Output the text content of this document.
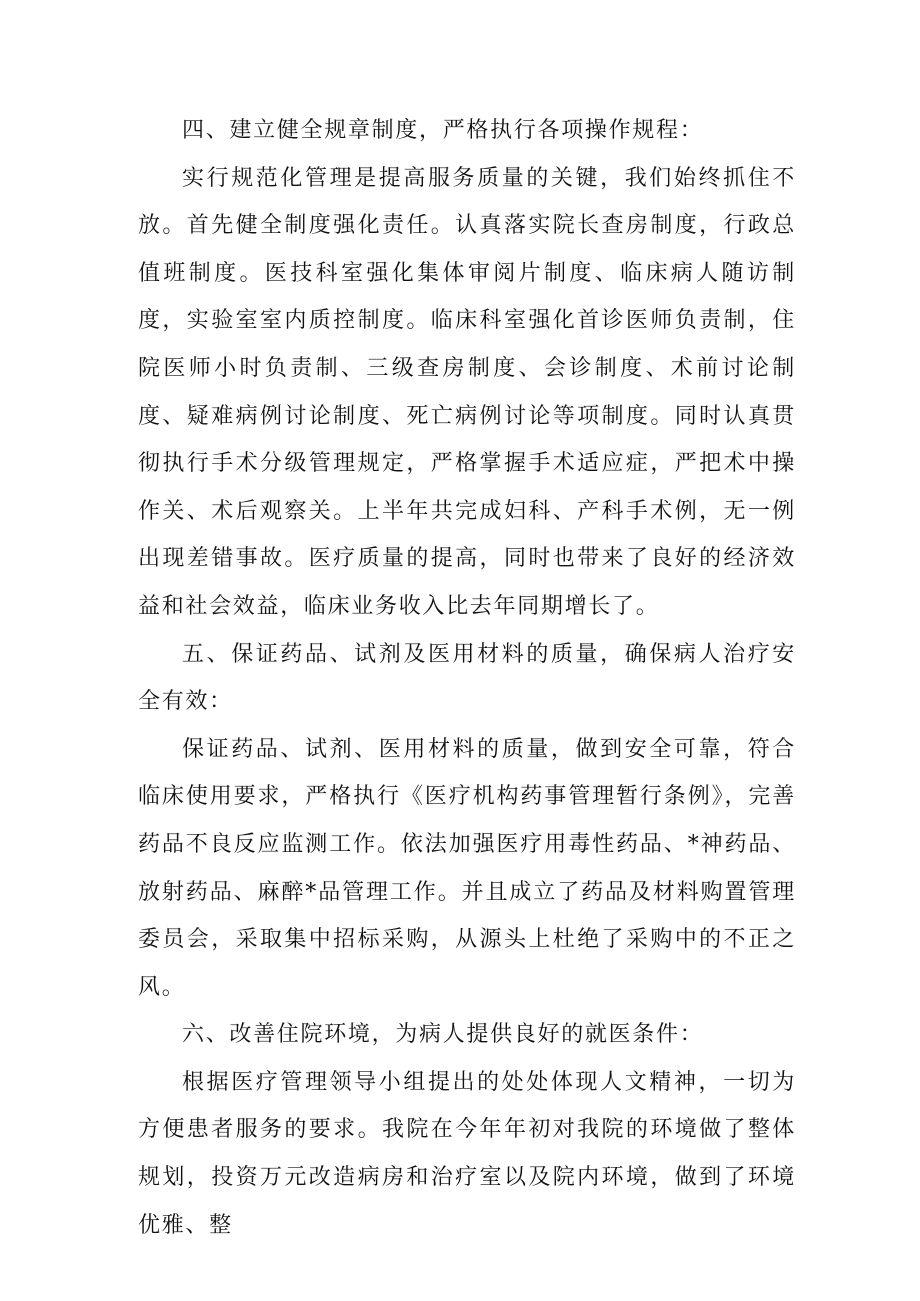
四、建立健全规章制度，严格执行各项操作规程：

实行规范化管理是提高服务质量的关键，我们始终抓住不放。首先健全制度强化责任。认真落实院长查房制度，行政总值班制度。医技科室强化集体审阅片制度、临床病人随访制度，实验室室内质控制度。临床科室强化首诊医师负责制，住院医师小时负责制、三级查房制度、会诊制度、术前讨论制度、疑难病例讨论制度、死亡病例讨论等项制度。同时认真贯彻执行手术分级管理规定，严格掌握手术适应症，严把术中操作关、术后观察关。上半年共完成妇科、产科手术例，无一例出现差错事故。医疗质量的提高，同时也带来了良好的经济效益和社会效益，临床业务收入比去年同期增长了。

五、保证药品、试剂及医用材料的质量，确保病人治疗安全有效：

保证药品、试剂、医用材料的质量，做到安全可靠，符合临床使用要求，严格执行《医疗机构药事管理暂行条例》，完善药品不良反应监测工作。依法加强医疗用毒性药品、*神药品、放射药品、麻醉*品管理工作。并且成立了药品及材料购置管理委员会，采取集中招标采购，从源头上杜绝了采购中的不正之风。

六、改善住院环境，为病人提供良好的就医条件：

根据医疗管理领导小组提出的处处体现人文精神，一切为方便患者服务的要求。我院在今年年初对我院的环境做了整体规划，投资万元改造病房和治疗室以及院内环境，做到了环境优雅、整
